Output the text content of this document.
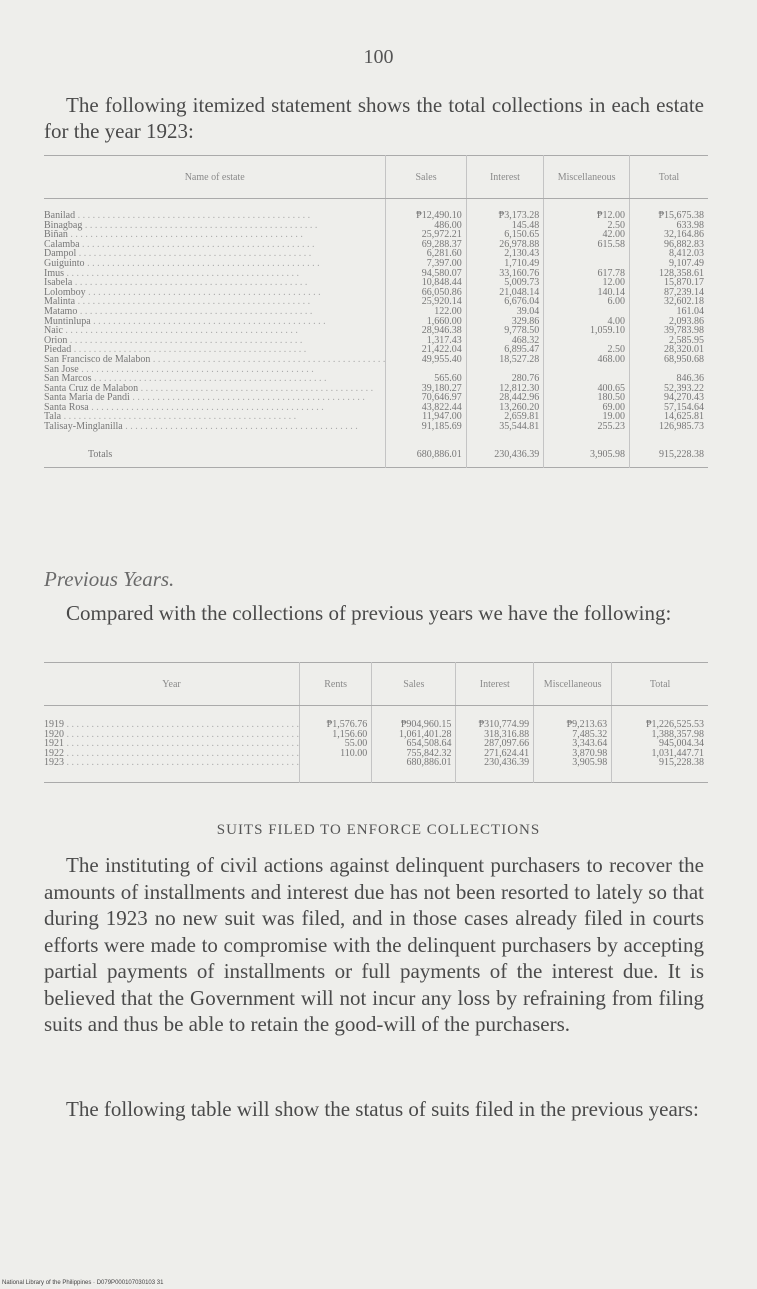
100
The following itemized statement shows the total collections in each estate for the year 1923:
Name of estate	Sales	Interest	Miscellaneous	Total
Banilad . . .	₱12,490.10	₱3,173.28	₱12.00	₱15,675.38
Binagbag . . .	486.00	145.48	2.50	633.98
Biñan . . .	25,972.21	6,150.65	42.00	32,164.86
Calamba . . .	69,288.37	26,978.88	615.58	96,882.83
Dampol . . .	6,281.60	2,130.43		8,412.03
Guiguinto . . .	7,397.00	1,710.49		9,107.49
Imus . . .	94,580.07	33,160.76	617.78	128,358.61
Isabela . . .	10,848.44	5,009.73	12.00	15,870.17
Lolomboy . . .	66,050.86	21,048.14	140.14	87,239.14
Malinta . . .	25,920.14	6,676.04	6.00	32,602.18
Matamo . . .	122.00	39.04		161.04
Muntinlupa . . .	1,660.00	329.86	4.00	2,093.86
Naic . . .	28,946.38	9,778.50	1,059.10	39,783.98
Orion . . .	1,317.43	468.32		2,585.95
Piedad . . .	21,422.04	6,895.47	2.50	28,320.01
San Francisco de Malabon . . .	49,955.40	18,527.28	468.00	68,950.68
San Jose . . .				
San Marcos . . .	565.60	280.76		846.36
Santa Cruz de Malabon . . .	39,180.27	12,812.30	400.65	52,393.22
Santa Maria de Pandi . . .	70,646.97	28,442.96	180.50	94,270.43
Santa Rosa . . .	43,822.44	13,260.20	69.00	57,154.64
Tala . . .	11,947.00	2,659.81	19.00	14,625.81
Talisay-Minglanilla . . .	91,185.69	35,544.81	255.23	126,985.73
Totals	680,886.01	230,436.39	3,905.98	915,228.38
Previous Years.
Compared with the collections of previous years we have the following:
Year	Rents	Sales	Interest	Miscellaneous	Total
1919 . . .	₱1,576.76	₱904,960.15	₱310,774.99	₱9,213.63	₱1,226,525.53
1920 . . .	1,156.60	1,061,401.28	318,316.88	7,485.32	1,388,357.98
1921 . . .	55.00	654,508.64	287,097.66	3,343.64	945,004.34
1922 . . .	110.00	755,842.32	271,624.41	3,870.98	1,031,447.71
1923 . . .		680,886.01	230,436.39	3,905.98	915,228.38
SUITS FILED TO ENFORCE COLLECTIONS
The instituting of civil actions against delinquent purchasers to recover the amounts of installments and interest due has not been resorted to lately so that during 1923 no new suit was filed, and in those cases already filed in courts efforts were made to compromise with the delinquent purchasers by accepting partial payments of installments or full payments of the interest due. It is believed that the Government will not incur any loss by refraining from filing suits and thus be able to retain the good-will of the purchasers.
The following table will show the status of suits filed in the previous years:
National Library of the Philippines · D079P000107030103 31
